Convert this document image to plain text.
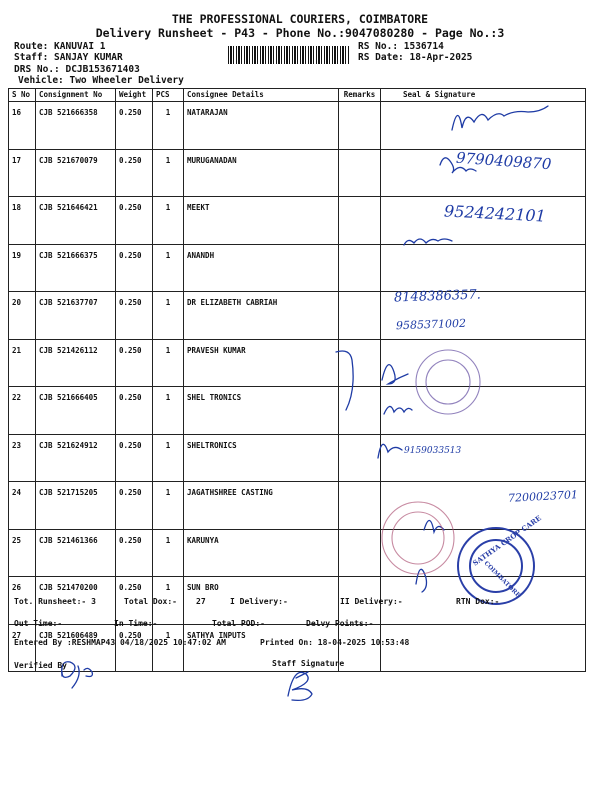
THE PROFESSIONAL COURIERS, COIMBATORE
Delivery Runsheet - P43 - Phone No.:9047080280 - Page No.:3
Route: KANUVAI 1
Staff: SANJAY KUMAR
DRS No.: DCJB153671403
Vehicle: Two Wheeler Delivery
RS No.: 1536714
RS Date: 18-Apr-2025
S No	Consignment No	Weight	PCS	Consignee Details	Remarks	Seal & Signature
16	CJB 521666358	0.250	1	NATARAJAN		
17	CJB 521670079	0.250	1	MURUGANADAN		
18	CJB 521646421	0.250	1	MEEKT		
19	CJB 521666375	0.250	1	ANANDH		
20	CJB 521637707	0.250	1	DR ELIZABETH CABRIAH		
21	CJB 521426112	0.250	1	PRAVESH KUMAR		
22	CJB 521666405	0.250	1	SHEL TRONICS		
23	CJB 521624912	0.250	1	SHELTRONICS		
24	CJB 521715205	0.250	1	JAGATHSHREE CASTING		
25	CJB 521461366	0.250	1	KARUNYA		
26	CJB 521470200	0.250	1	SUN BRO		
27	CJB 521606489	0.250	1	SATHYA INPUTS		
9790409870
9524242101
8148386357.
9585371002
9159033513
7200023701
SATHYA CROP CARE
COIMBATORE
Tot. Runsheet:- 3	Total Dox:- 27	I Delivery:-	II Delivery:-	RTN Dox:-
Out Time:-	In Time:-	Total POD:-	Delvy Points:-
Entered By :RESHMAP43 04/18/2025 10:47:02 AM	Printed On: 18-04-2025 10:53:48
Verified By	Staff Signature
